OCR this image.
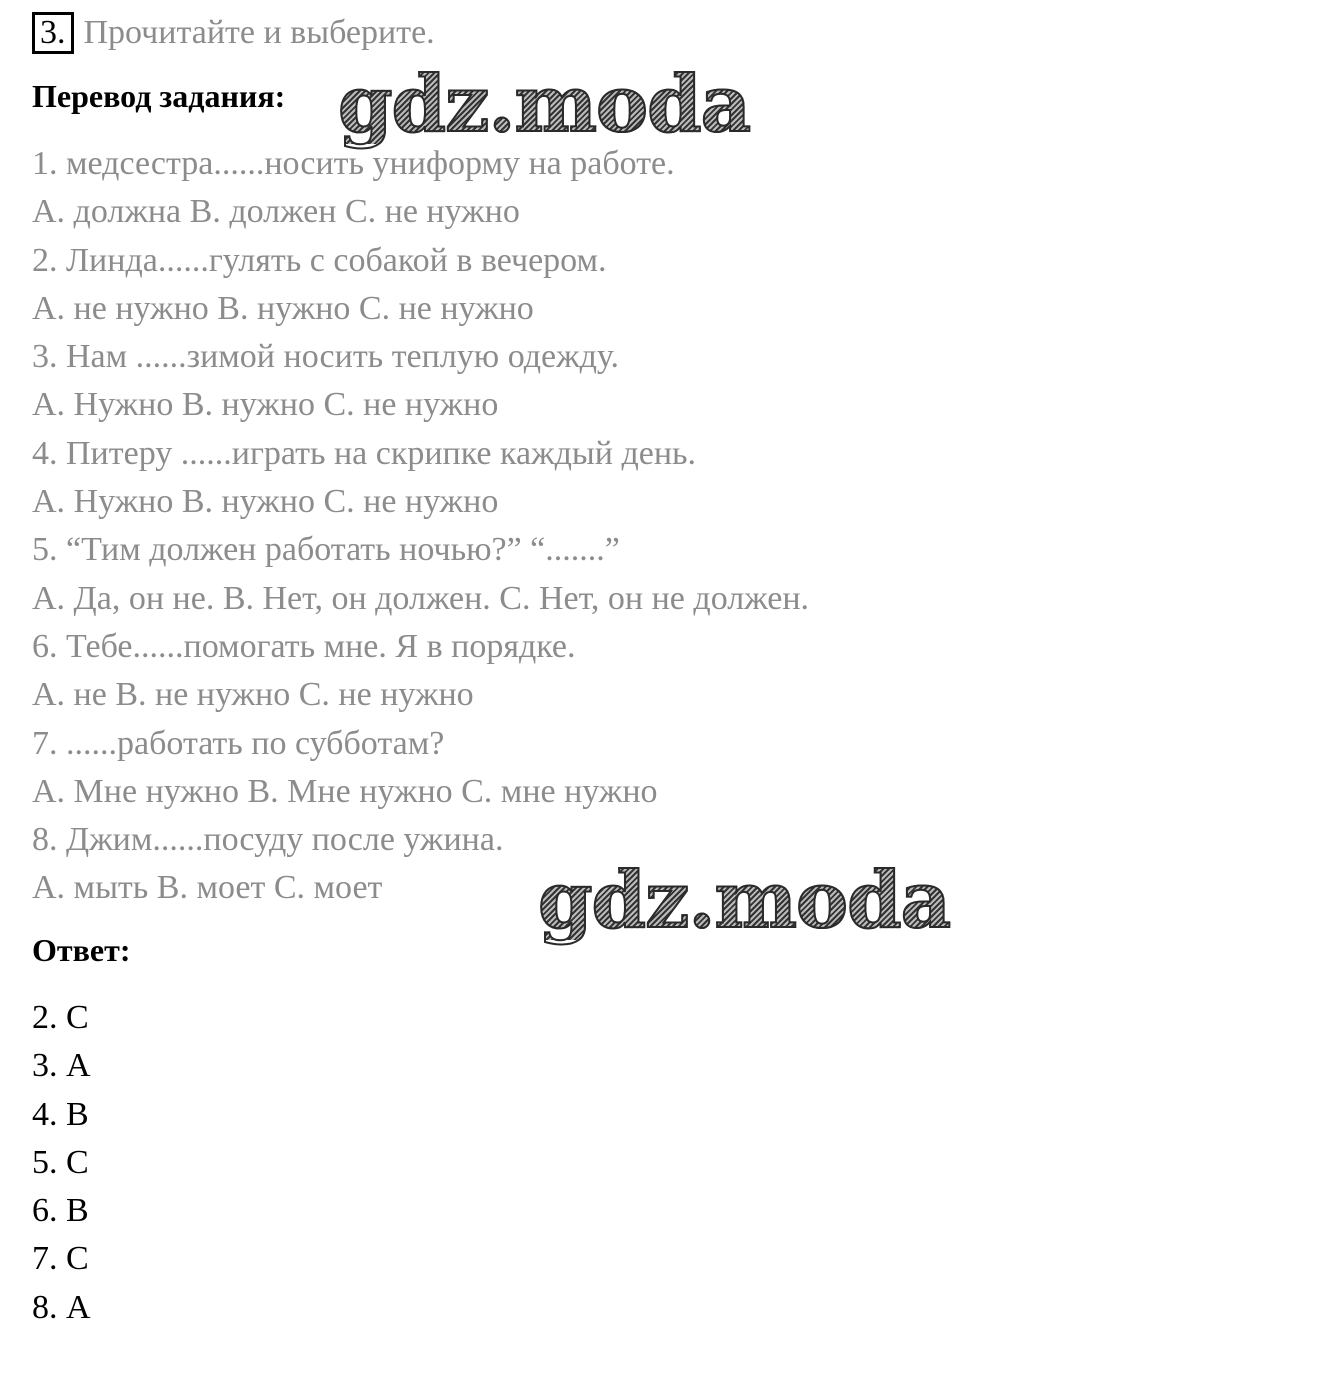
3. Прочитайте и выберите.
Перевод задания: gdz.moda
1. медсестра......носить униформу на работе.
А. должна В. должен С. не нужно
2. Линда......гулять с собакой в вечером.
А. не нужно В. нужно С. не нужно
3. Нам ......зимой носить теплую одежду.
А. Нужно В. нужно С. не нужно
4. Питеру ......играть на скрипке каждый день.
А. Нужно В. нужно С. не нужно
5. “Тим должен работать ночью?” “.......”
А. Да, он не. В. Нет, он должен. С. Нет, он не должен.
6. Тебе......помогать мне. Я в порядке.
А. не В. не нужно С. не нужно
7. ......работать по субботам?
А. Мне нужно В. Мне нужно С. мне нужно
8. Джим......посуду после ужина.
А. мыть В. моет С. моет	gdz.moda
Ответ:
2. С
3. А
4. В
5. С
6. В
7. С
8. А
